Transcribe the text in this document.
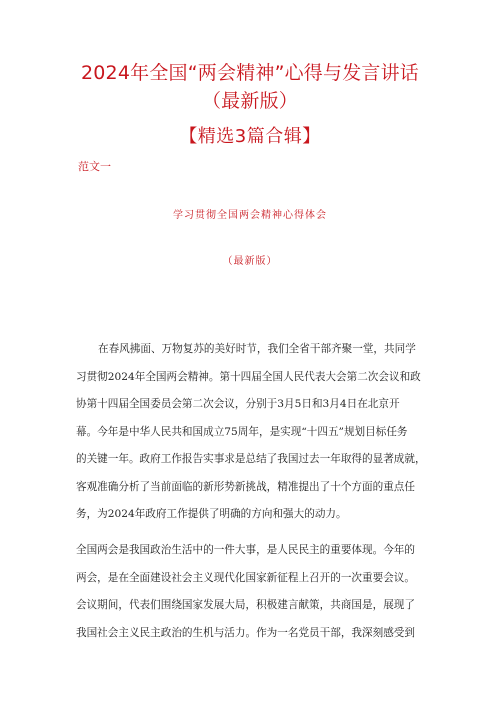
2024年全国“两会精神”心得与发言讲话
（最新版）
【精选3篇合辑】
范文一
学习贯彻全国两会精神心得体会
（最新版）
在春风拂面、万物复苏的美好时节，我们全省干部齐聚一堂，共同学
习贯彻2024年全国两会精神。第十四届全国人民代表大会第二次会议和政
协第十四届全国委员会第二次会议，分别于3月5日和3月4日在北京开
幕。今年是中华人民共和国成立75周年，是实现“十四五”规划目标任务
的关键一年。政府工作报告实事求是总结了我国过去一年取得的显著成就，
客观准确分析了当前面临的新形势新挑战，精准提出了十个方面的重点任
务，为2024年政府工作提供了明确的方向和强大的动力。
全国两会是我国政治生活中的一件大事，是人民民主的重要体现。今年的
两会，是在全面建设社会主义现代化国家新征程上召开的一次重要会议。
会议期间，代表们围绕国家发展大局，积极建言献策，共商国是，展现了
我国社会主义民主政治的生机与活力。作为一名党员干部，我深刻感受到
